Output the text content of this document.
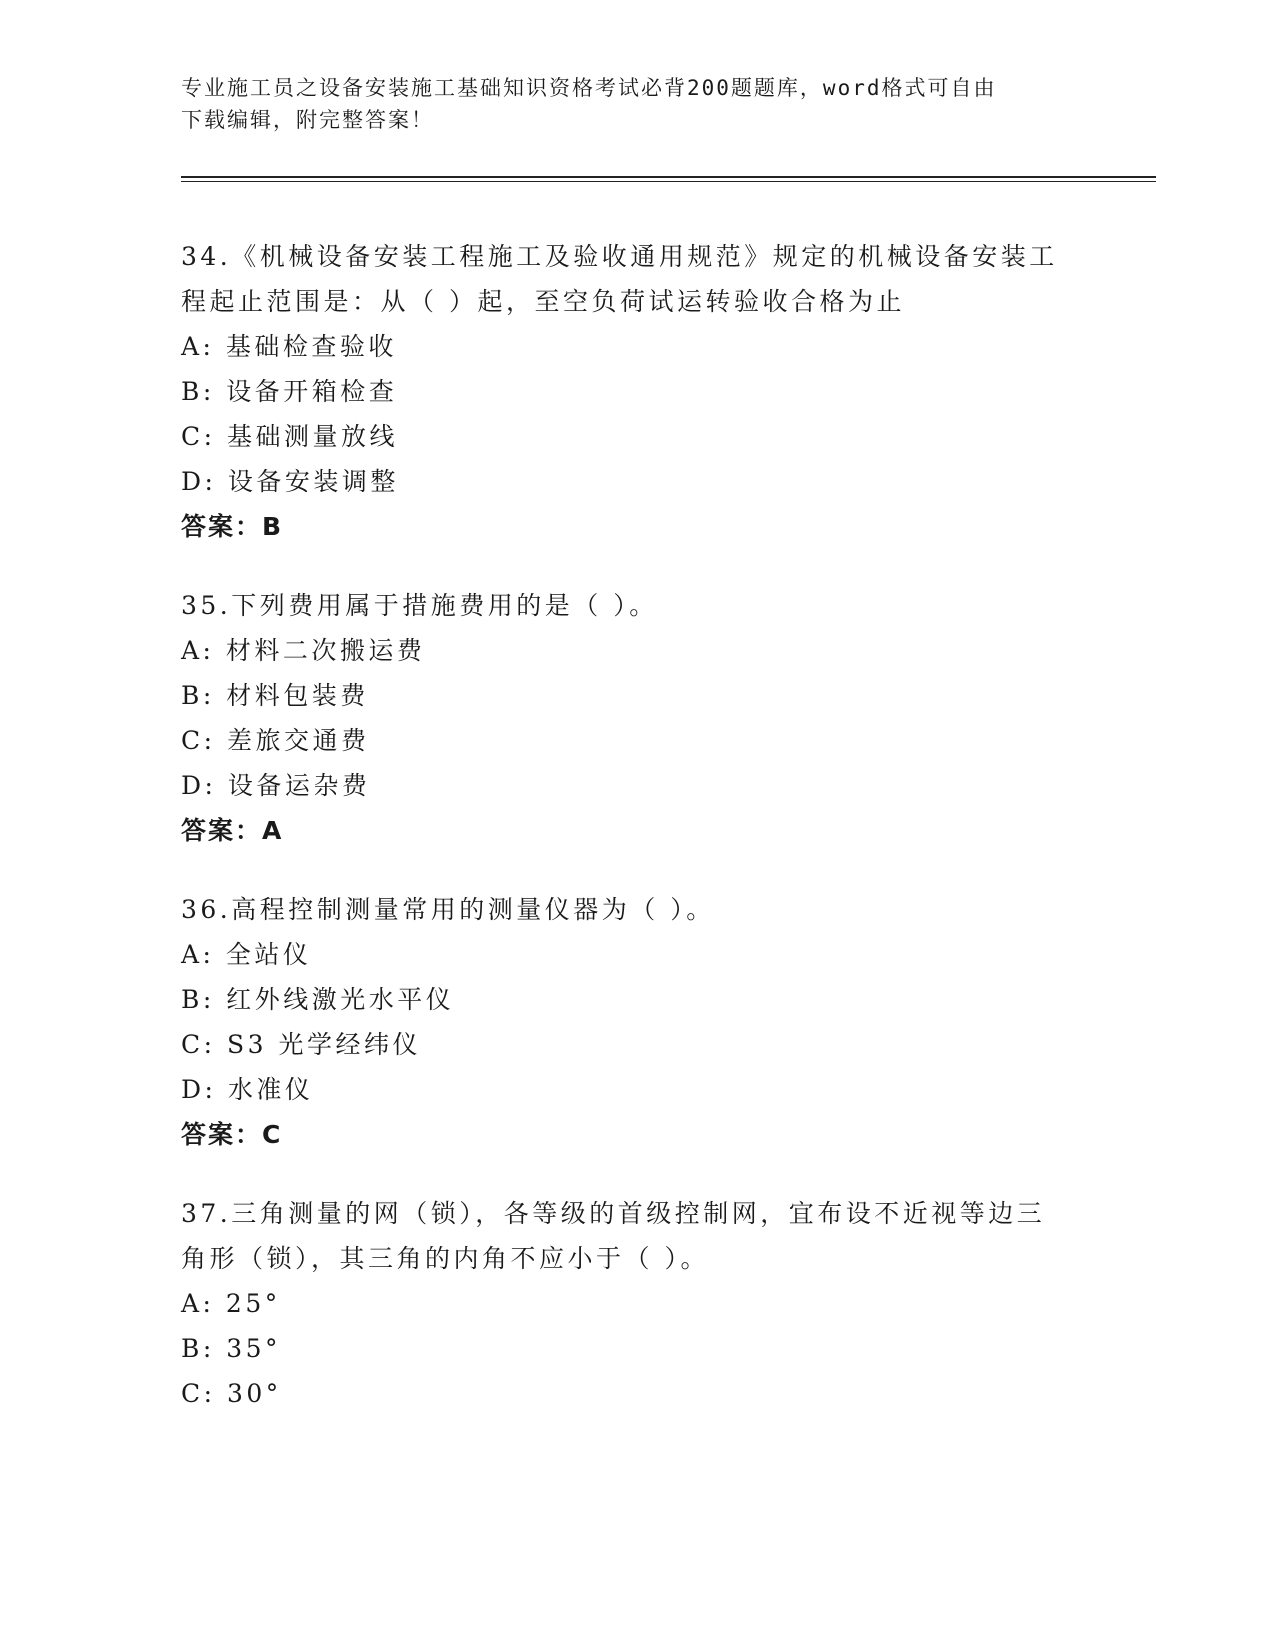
专业施工员之设备安装施工基础知识资格考试必背200题题库，word格式可自由
下载编辑，附完整答案！
34.《机械设备安装工程施工及验收通用规范》规定的机械设备安装工
程起止范围是：从（ ）起，至空负荷试运转验收合格为止
A: 基础检查验收
B: 设备开箱检查
C: 基础测量放线
D: 设备安装调整
答案：B
35.下列费用属于措施费用的是（ ）。
A: 材料二次搬运费
B: 材料包装费
C: 差旅交通费
D: 设备运杂费
答案：A
36.高程控制测量常用的测量仪器为（ ）。
A: 全站仪
B: 红外线激光水平仪
C: S3 光学经纬仪
D: 水准仪
答案：C
37.三角测量的网（锁），各等级的首级控制网，宜布设不近视等边三
角形（锁），其三角的内角不应小于（ ）。
A: 25°
B: 35°
C: 30°
